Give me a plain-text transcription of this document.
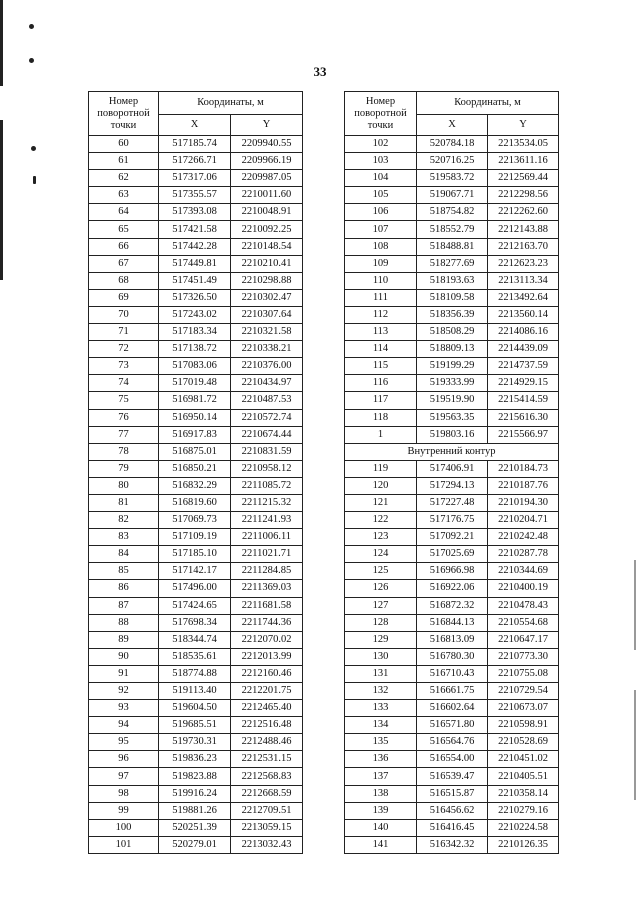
33
Номер поворотной точки	Координаты, м	
	X	Y
60	517185.74	2209940.55
61	517266.71	2209966.19
62	517317.06	2209987.05
63	517355.57	2210011.60
64	517393.08	2210048.91
65	517421.58	2210092.25
66	517442.28	2210148.54
67	517449.81	2210210.41
68	517451.49	2210298.88
69	517326.50	2210302.47
70	517243.02	2210307.64
71	517183.34	2210321.58
72	517138.72	2210338.21
73	517083.06	2210376.00
74	517019.48	2210434.97
75	516981.72	2210487.53
76	516950.14	2210572.74
77	516917.83	2210674.44
78	516875.01	2210831.59
79	516850.21	2210958.12
80	516832.29	2211085.72
81	516819.60	2211215.32
82	517069.73	2211241.93
83	517109.19	2211006.11
84	517185.10	2211021.71
85	517142.17	2211284.85
86	517496.00	2211369.03
87	517424.65	2211681.58
88	517698.34	2211744.36
89	518344.74	2212070.02
90	518535.61	2212013.99
91	518774.88	2212160.46
92	519113.40	2212201.75
93	519604.50	2212465.40
94	519685.51	2212516.48
95	519730.31	2212488.46
96	519836.23	2212531.15
97	519823.88	2212568.83
98	519916.24	2212668.59
99	519881.26	2212709.51
100	520251.39	2213059.15
101	520279.01	2213032.43
Номер поворотной точки	Координаты, м	
	X	Y
102	520784.18	2213534.05
103	520716.25	2213611.16
104	519583.72	2212569.44
105	519067.71	2212298.56
106	518754.82	2212262.60
107	518552.79	2212143.88
108	518488.81	2212163.70
109	518277.69	2212623.23
110	518193.63	2213113.34
111	518109.58	2213492.64
112	518356.39	2213560.14
113	518508.29	2214086.16
114	518809.13	2214439.09
115	519199.29	2214737.59
116	519333.99	2214929.15
117	519519.90	2215414.59
118	519563.35	2215616.30
1	519803.16	2215566.97
Внутренний контур		
119	517406.91	2210184.73
120	517294.13	2210187.76
121	517227.48	2210194.30
122	517176.75	2210204.71
123	517092.21	2210242.48
124	517025.69	2210287.78
125	516966.98	2210344.69
126	516922.06	2210400.19
127	516872.32	2210478.43
128	516844.13	2210554.68
129	516813.09	2210647.17
130	516780.30	2210773.30
131	516710.43	2210755.08
132	516661.75	2210729.54
133	516602.64	2210673.07
134	516571.80	2210598.91
135	516564.76	2210528.69
136	516554.00	2210451.02
137	516539.47	2210405.51
138	516515.87	2210358.14
139	516456.62	2210279.16
140	516416.45	2210224.58
141	516342.32	2210126.35
